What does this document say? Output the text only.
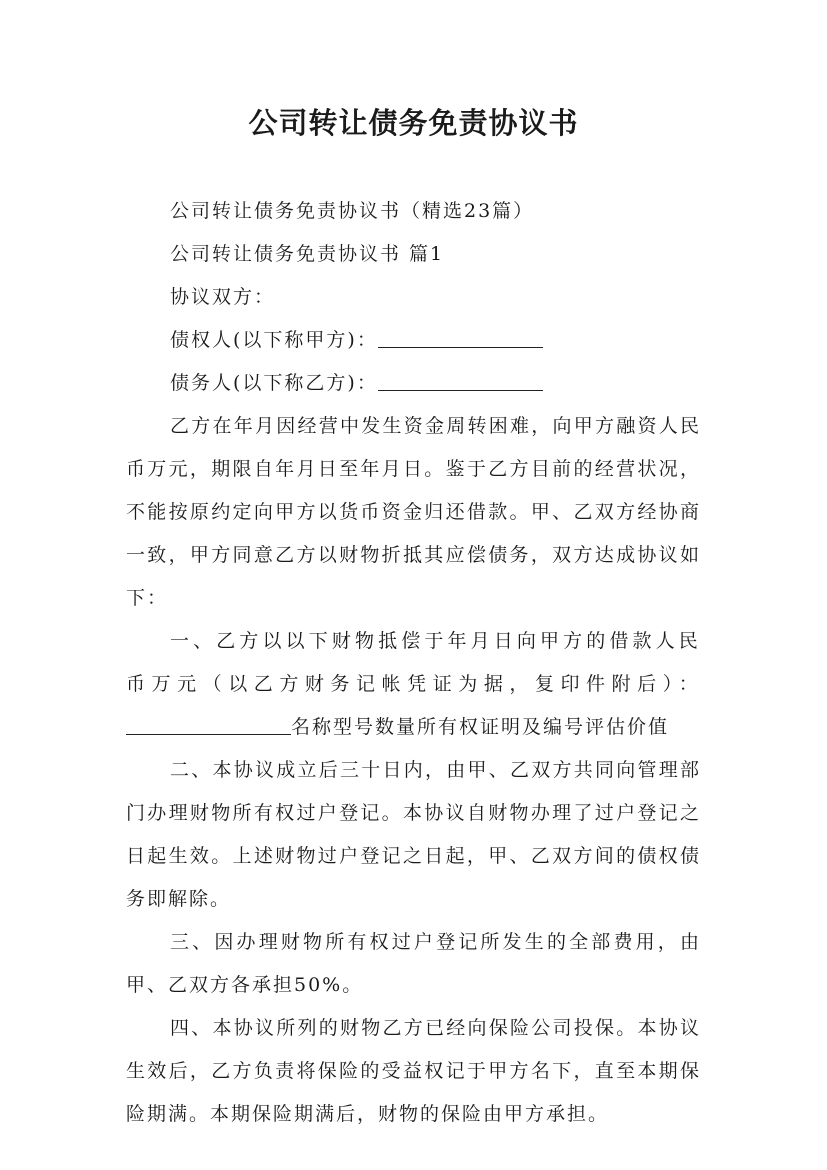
公司转让债务免责协议书

公司转让债务免责协议书（精选23篇）

公司转让债务免责协议书 篇1

协议双方：

债权人(以下称甲方)：

债务人(以下称乙方)：

乙方在年月因经营中发生资金周转困难，向甲方融资人民币万元，期限自年月日至年月日。鉴于乙方目前的经营状况，不能按原约定向甲方以货币资金归还借款。甲、乙双方经协商一致，甲方同意乙方以财物折抵其应偿债务，双方达成协议如下：

一、乙方以以下财物抵偿于年月日向甲方的借款人民币万元（以乙方财务记帐凭证为据，复印件附后）：名称型号数量所有权证明及编号评估价值

二、本协议成立后三十日内，由甲、乙双方共同向管理部门办理财物所有权过户登记。本协议自财物办理了过户登记之日起生效。上述财物过户登记之日起，甲、乙双方间的债权债务即解除。

三、因办理财物所有权过户登记所发生的全部费用，由甲、乙双方各承担50%。

四、本协议所列的财物乙方已经向保险公司投保。本协议生效后，乙方负责将保险的受益权记于甲方名下，直至本期保险期满。本期保险期满后，财物的保险由甲方承担。
